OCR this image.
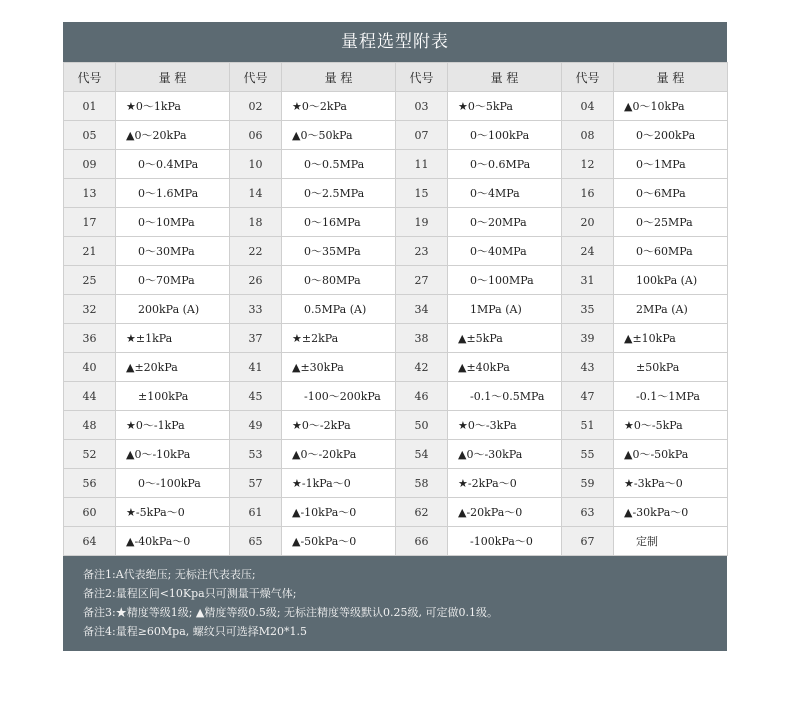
量程选型附表
代号	量 程	代号	量 程	代号	量 程	代号	量 程
01	★0～1kPa	02	★0～2kPa	03	★0～5kPa	04	▲0～10kPa
05	▲0～20kPa	06	▲0～50kPa	07	0～100kPa	08	0～200kPa
09	0～0.4MPa	10	0～0.5MPa	11	0～0.6MPa	12	0～1MPa
13	0～1.6MPa	14	0～2.5MPa	15	0～4MPa	16	0～6MPa
17	0～10MPa	18	0～16MPa	19	0～20MPa	20	0～25MPa
21	0～30MPa	22	0～35MPa	23	0～40MPa	24	0～60MPa
25	0～70MPa	26	0～80MPa	27	0～100MPa	31	100kPa (A)
32	200kPa (A)	33	0.5MPa (A)	34	1MPa (A)	35	2MPa (A)
36	★±1kPa	37	★±2kPa	38	▲±5kPa	39	▲±10kPa
40	▲±20kPa	41	▲±30kPa	42	▲±40kPa	43	±50kPa
44	±100kPa	45	-100～200kPa	46	-0.1～0.5MPa	47	-0.1～1MPa
48	★0～-1kPa	49	★0～-2kPa	50	★0～-3kPa	51	★0～-5kPa
52	▲0～-10kPa	53	▲0～-20kPa	54	▲0～-30kPa	55	▲0～-50kPa
56	0～-100kPa	57	★-1kPa～0	58	★-2kPa～0	59	★-3kPa～0
60	★-5kPa～0	61	▲-10kPa～0	62	▲-20kPa～0	63	▲-30kPa～0
64	▲-40kPa～0	65	▲-50kPa～0	66	-100kPa～0	67	定制
备注1:A代表绝压; 无标注代表表压;
备注2:量程区间<10Kpa只可测量干燥气体;
备注3:★精度等级1级; ▲精度等级0.5级; 无标注精度等级默认0.25级, 可定做0.1级。
备注4:量程≥60Mpa, 螺纹只可选择M20*1.5
